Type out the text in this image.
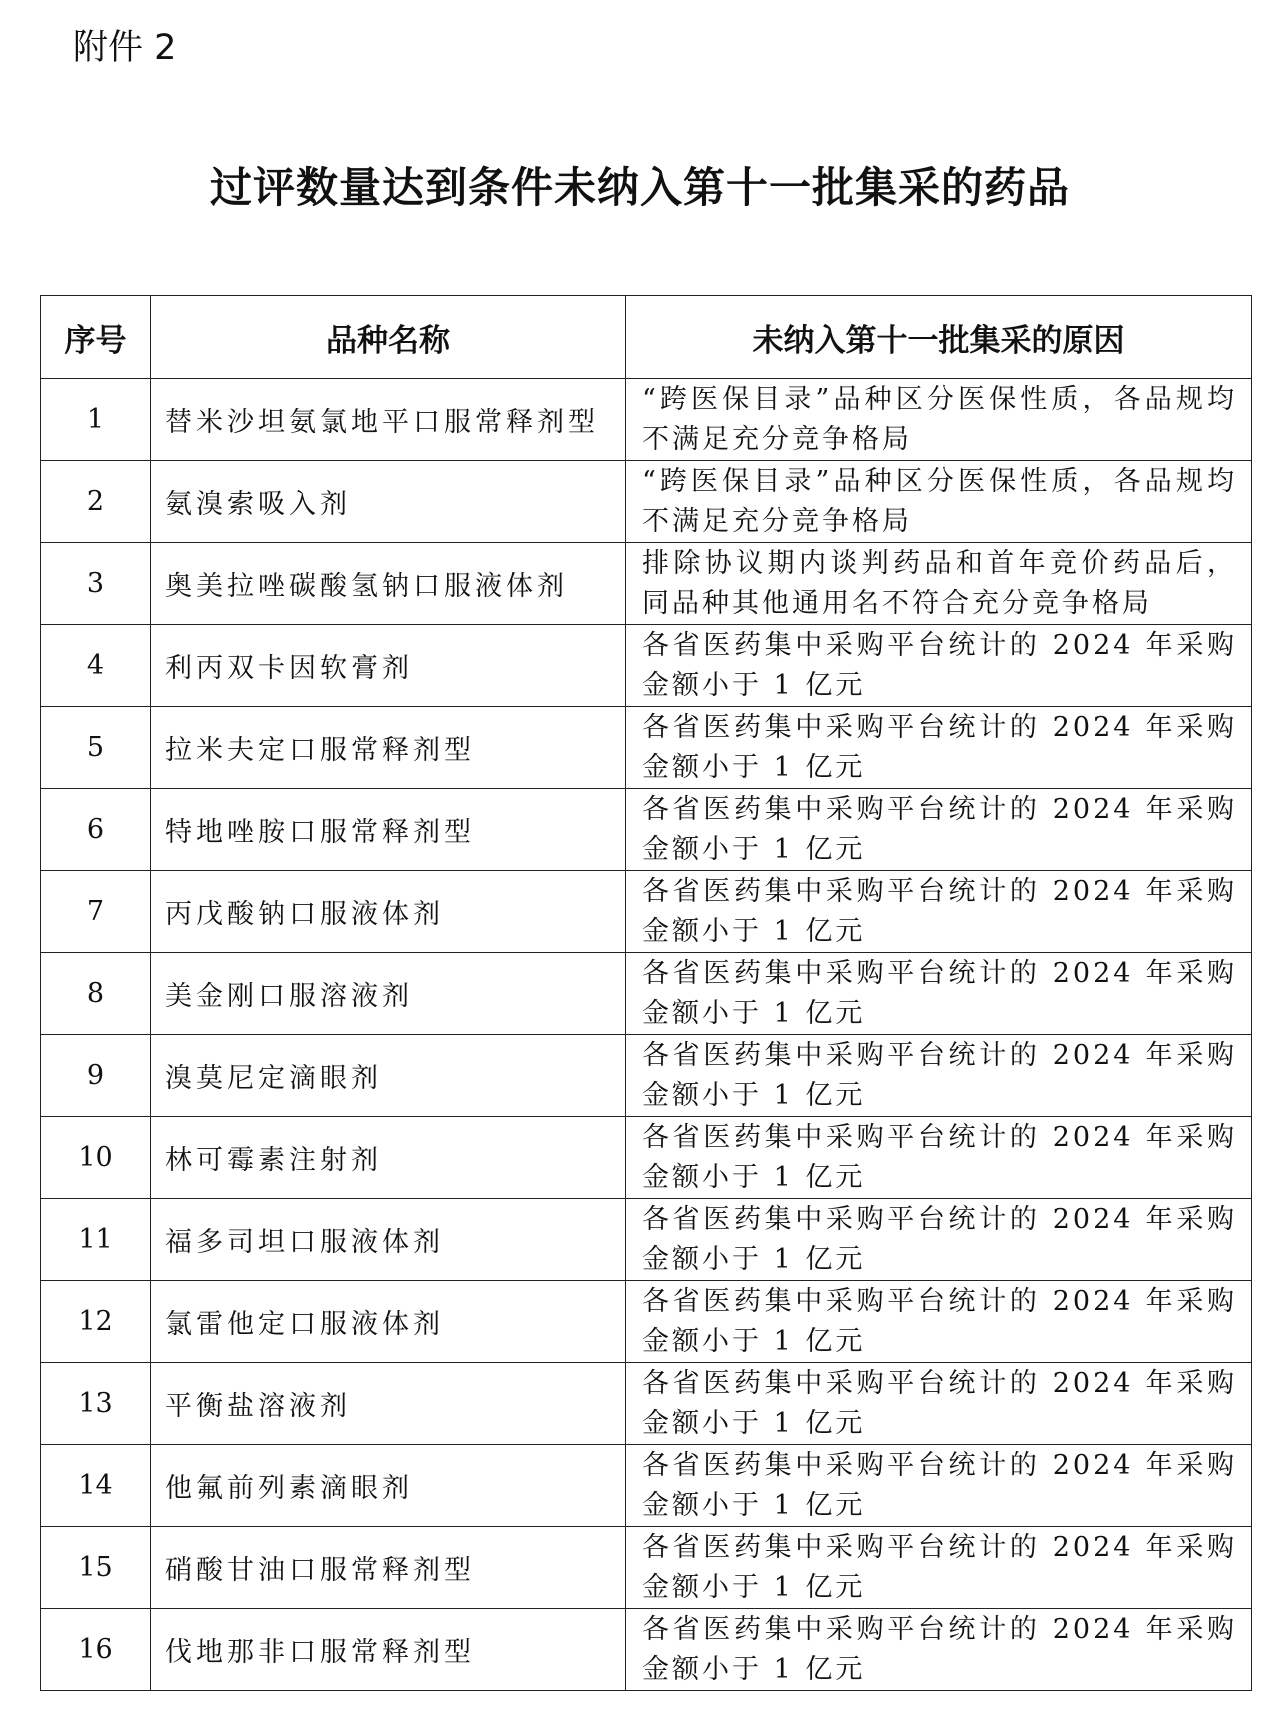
附件 2
过评数量达到条件未纳入第十一批集采的药品
序号	品种名称	未纳入第十一批集采的原因
1	替米沙坦氨氯地平口服常释剂型	“跨医保目录”品种区分医保性质，各品规均不满足充分竞争格局
2	氨溴索吸入剂	“跨医保目录”品种区分医保性质，各品规均不满足充分竞争格局
3	奥美拉唑碳酸氢钠口服液体剂	排除协议期内谈判药品和首年竞价药品后，同品种其他通用名不符合充分竞争格局
4	利丙双卡因软膏剂	各省医药集中采购平台统计的 2024 年采购金额小于 1 亿元
5	拉米夫定口服常释剂型	各省医药集中采购平台统计的 2024 年采购金额小于 1 亿元
6	特地唑胺口服常释剂型	各省医药集中采购平台统计的 2024 年采购金额小于 1 亿元
7	丙戊酸钠口服液体剂	各省医药集中采购平台统计的 2024 年采购金额小于 1 亿元
8	美金刚口服溶液剂	各省医药集中采购平台统计的 2024 年采购金额小于 1 亿元
9	溴莫尼定滴眼剂	各省医药集中采购平台统计的 2024 年采购金额小于 1 亿元
10	林可霉素注射剂	各省医药集中采购平台统计的 2024 年采购金额小于 1 亿元
11	福多司坦口服液体剂	各省医药集中采购平台统计的 2024 年采购金额小于 1 亿元
12	氯雷他定口服液体剂	各省医药集中采购平台统计的 2024 年采购金额小于 1 亿元
13	平衡盐溶液剂	各省医药集中采购平台统计的 2024 年采购金额小于 1 亿元
14	他氟前列素滴眼剂	各省医药集中采购平台统计的 2024 年采购金额小于 1 亿元
15	硝酸甘油口服常释剂型	各省医药集中采购平台统计的 2024 年采购金额小于 1 亿元
16	伐地那非口服常释剂型	各省医药集中采购平台统计的 2024 年采购金额小于 1 亿元
